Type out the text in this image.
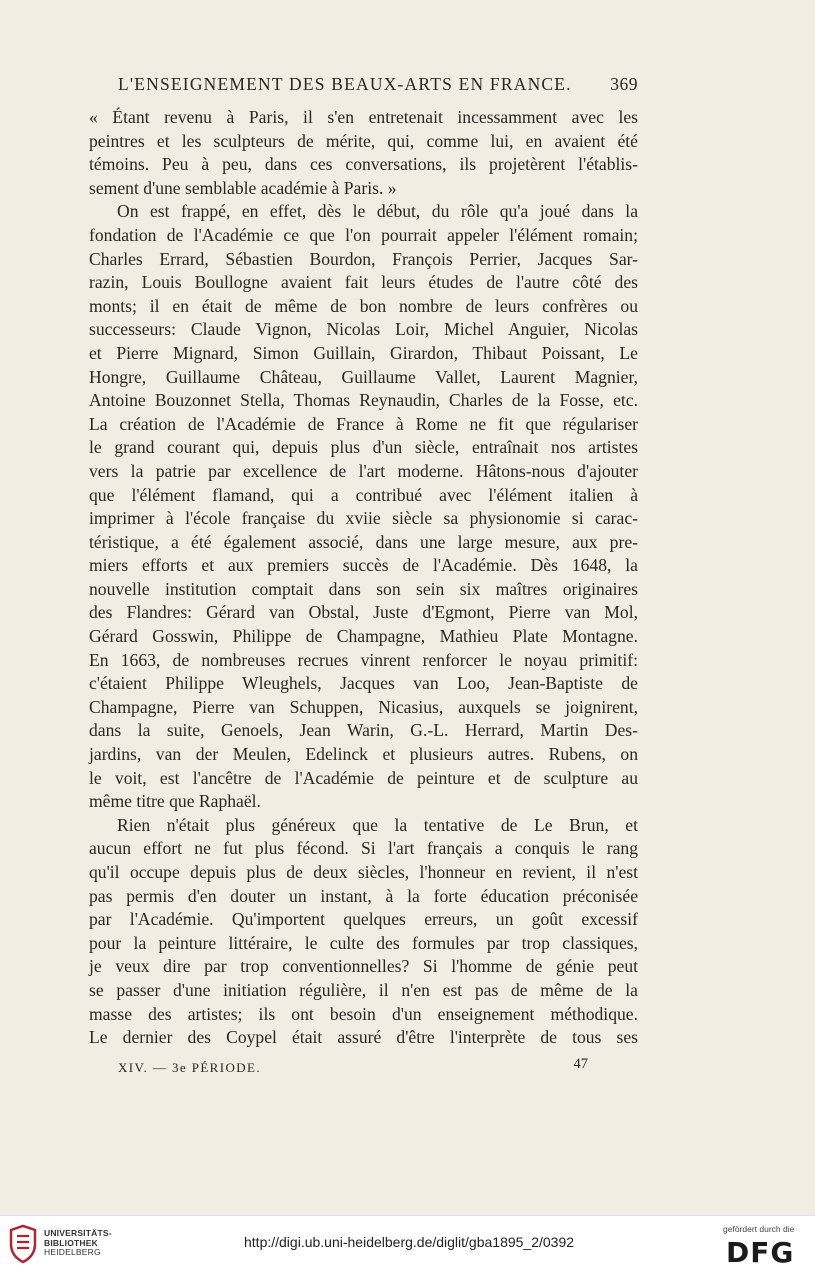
L'ENSEIGNEMENT DES BEAUX-ARTS EN FRANCE. 369
« Étant revenu à Paris, il s'en entretenait incessamment avec les
peintres et les sculpteurs de mérite, qui, comme lui, en avaient été
témoins. Peu à peu, dans ces conversations, ils projetèrent l'établis-
sement d'une semblable académie à Paris. »
On est frappé, en effet, dès le début, du rôle qu'a joué dans la
fondation de l'Académie ce que l'on pourrait appeler l'élément romain;
Charles Errard, Sébastien Bourdon, François Perrier, Jacques Sar-
razin, Louis Boullogne avaient fait leurs études de l'autre côté des
monts; il en était de même de bon nombre de leurs confrères ou
successeurs: Claude Vignon, Nicolas Loir, Michel Anguier, Nicolas
et Pierre Mignard, Simon Guillain, Girardon, Thibaut Poissant, Le
Hongre, Guillaume Château, Guillaume Vallet, Laurent Magnier,
Antoine Bouzonnet Stella, Thomas Reynaudin, Charles de la Fosse, etc.
La création de l'Académie de France à Rome ne fit que régulariser
le grand courant qui, depuis plus d'un siècle, entraînait nos artistes
vers la patrie par excellence de l'art moderne. Hâtons-nous d'ajouter
que l'élément flamand, qui a contribué avec l'élément italien à
imprimer à l'école française du xviie siècle sa physionomie si carac-
téristique, a été également associé, dans une large mesure, aux pre-
miers efforts et aux premiers succès de l'Académie. Dès 1648, la
nouvelle institution comptait dans son sein six maîtres originaires
des Flandres: Gérard van Obstal, Juste d'Egmont, Pierre van Mol,
Gérard Gosswin, Philippe de Champagne, Mathieu Plate Montagne.
En 1663, de nombreuses recrues vinrent renforcer le noyau primitif:
c'étaient Philippe Wleughels, Jacques van Loo, Jean-Baptiste de
Champagne, Pierre van Schuppen, Nicasius, auxquels se joignirent,
dans la suite, Genoels, Jean Warin, G.-L. Herrard, Martin Des-
jardins, van der Meulen, Edelinck et plusieurs autres. Rubens, on
le voit, est l'ancêtre de l'Académie de peinture et de sculpture au
même titre que Raphaël.
Rien n'était plus généreux que la tentative de Le Brun, et
aucun effort ne fut plus fécond. Si l'art français a conquis le rang
qu'il occupe depuis plus de deux siècles, l'honneur en revient, il n'est
pas permis d'en douter un instant, à la forte éducation préconisée
par l'Académie. Qu'importent quelques erreurs, un goût excessif
pour la peinture littéraire, le culte des formules par trop classiques,
je veux dire par trop conventionnelles? Si l'homme de génie peut
se passer d'une initiation régulière, il n'en est pas de même de la
masse des artistes; ils ont besoin d'un enseignement méthodique.
Le dernier des Coypel était assuré d'être l'interprète de tous ses
XIV. — 3e PÉRIODE.	47
UNIVERSITÄTS-
BIBLIOTHEK
HEIDELBERG
http://digi.ub.uni-heidelberg.de/diglit/gba1895_2/0392
gefördert durch die
DFG
